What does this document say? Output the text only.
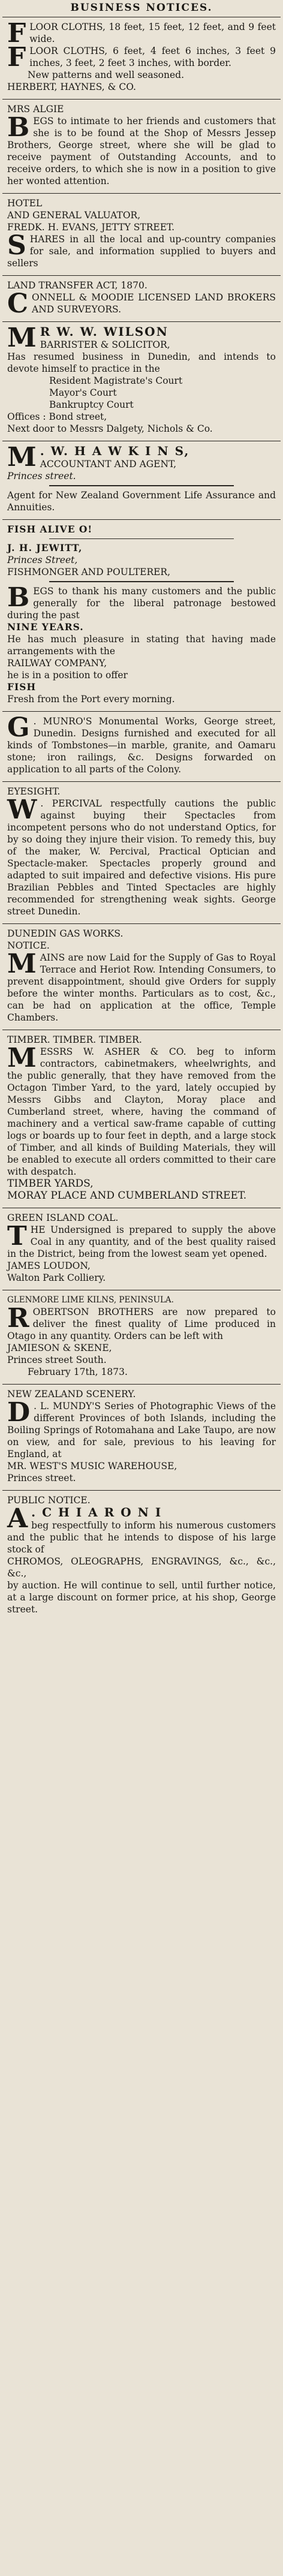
BUSINESS NOTICES.

FLOOR CLOTHS, 18 feet, 15 feet, 12 feet, and 9 feet wide.

FLOOR CLOTHS, 6 feet, 4 feet 6 inches, 3 feet 9 inches, 3 feet, 2 feet 3 inches, with border.

New patterns and well seasoned.

HERBERT, HAYNES, & CO.

MRS ALGIE

BEGS to intimate to her friends and customers that she is to be found at the Shop of Messrs Jessep Brothers, George street, where she will be glad to receive payment of Outstanding Accounts, and to receive orders, to which she is now in a position to give her wonted attention.

HOTEL

AND GENERAL VALUATOR,

FREDK. H. EVANS, JETTY STREET.

SHARES in all the local and up-country companies for sale, and information supplied to buyers and sellers

LAND TRANSFER ACT, 1870.

CONNELL & MOODIE LICENSED LAND BROKERS AND SURVEYORS.

M R W. W. WILSON

BARRISTER & SOLICITOR,

Has resumed business in Dunedin, and intends to devote himself to practice in the

Resident Magistrate's Court

Mayor's Court

Bankruptcy Court

Offices : Bond street,

Next door to Messrs Dalgety, Nichols & Co.

M . W. H A W K I N S,

ACCOUNTANT AND AGENT,

Princes street.

Agent for New Zealand Government Life Assurance and Annuities.

FISH ALIVE O!

J. H. JEWITT,

Princes Street,

FISHMONGER AND POULTERER,

BEGS to thank his many customers and the public generally for the liberal patronage bestowed during the past

NINE YEARS.

He has much pleasure in stating that having made arrangements with the

RAILWAY COMPANY,

he is in a position to offer

FISH

Fresh from the Port every morning.

G . MUNRO'S Monumental Works, George street, Dunedin. Designs furnished and executed for all kinds of Tombstones—in marble, granite, and Oamaru stone; iron railings, &c. Designs forwarded on application to all parts of the Colony.

EYESIGHT.

W . PERCIVAL respectfully cautions the public against buying their Spectacles from incompetent persons who do not understand Optics, for by so doing they injure their vision. To remedy this, buy of the maker, W. Percival, Practical Optician and Spectacle-maker. Spectacles properly ground and adapted to suit impaired and defective visions. His pure Brazilian Pebbles and Tinted Spectacles are highly recommended for strengthening weak sights. George street Dunedin.

DUNEDIN GAS WORKS.

NOTICE.

MAINS are now Laid for the Supply of Gas to Royal Terrace and Heriot Row. Intending Consumers, to prevent disappointment, should give Orders for supply before the winter months. Particulars as to cost, &c., can be had on application at the office, Temple Chambers.

TIMBER. TIMBER. TIMBER.

MESSRS W. ASHER & CO. beg to inform contractors, cabinetmakers, wheelwrights, and the public generally, that they have removed from the Octagon Timber Yard, to the yard, lately occupied by Messrs Gibbs and Clayton, Moray place and Cumberland street, where, having the command of machinery and a vertical saw-frame capable of cutting logs or boards up to four feet in depth, and a large stock of Timber, and all kinds of Building Materials, they will be enabled to execute all orders committed to their care with despatch.

TIMBER YARDS,

MORAY PLACE AND CUMBERLAND STREET.

GREEN ISLAND COAL.

THE Undersigned is prepared to supply the above Coal in any quantity, and of the best quality raised in the District, being from the lowest seam yet opened.

JAMES LOUDON,

Walton Park Colliery.

GLENMORE LIME KILNS, PENINSULA.

ROBERTSON BROTHERS are now prepared to deliver the finest quality of Lime produced in Otago in any quantity. Orders can be left with

JAMIESON & SKENE,

Princes street South.

February 17th, 1873.

NEW ZEALAND SCENERY.

D . L. MUNDY'S Series of Photographic Views of the different Provinces of both Islands, including the Boiling Springs of Rotomahana and Lake Taupo, are now on view, and for sale, previous to his leaving for England, at

MR. WEST'S MUSIC WAREHOUSE,

Princes street.

PUBLIC NOTICE.

A . C H I A R O N I

beg respectfully to inform his numerous customers and the public that he intends to dispose of his large stock of

CHROMOS, OLEOGRAPHS, ENGRAVINGS, &c., &c., &c.,

by auction. He will continue to sell, until further notice, at a large discount on former price, at his shop, George street.
